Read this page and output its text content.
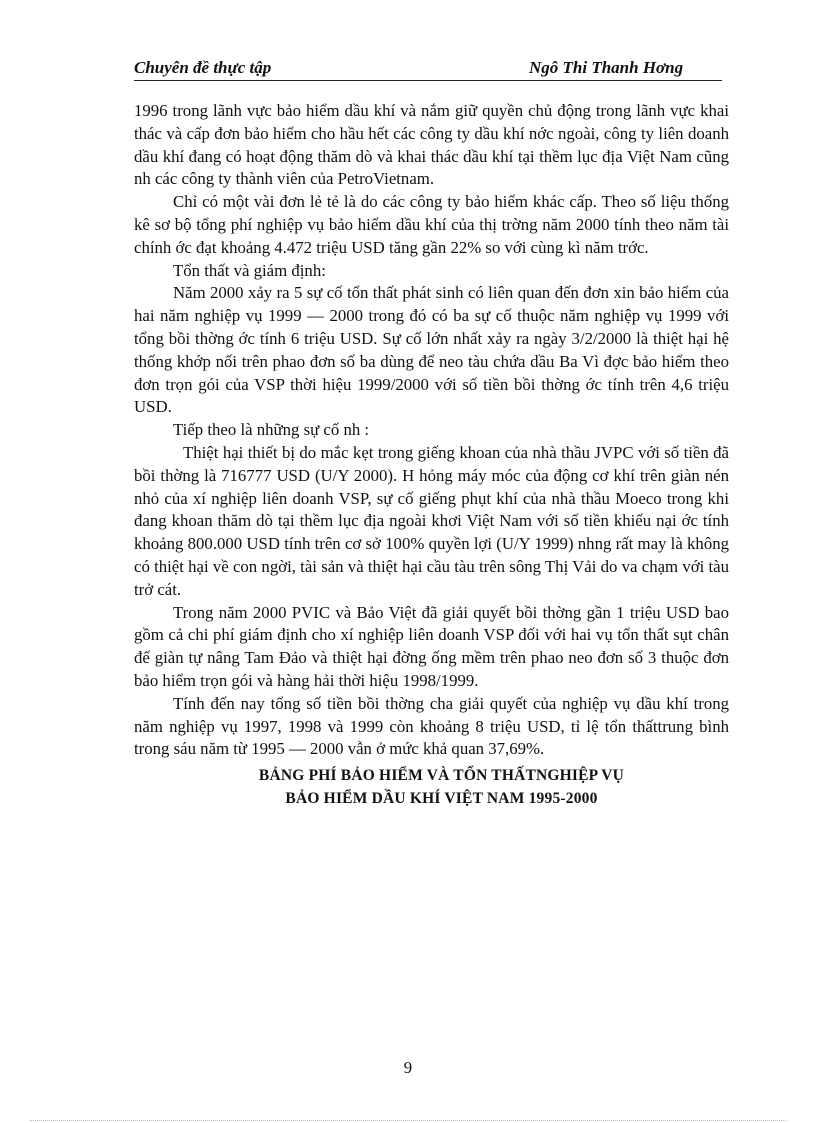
Chuyên đề thực tập	Ngô Thi Thanh Hơng

1996 trong lãnh vực bảo hiểm dầu khí và nắm giữ quyền chủ động trong lãnh vực khai thác và cấp đơn bảo hiểm cho hầu hết các công ty dầu khí nớc ngoài, công ty liên doanh dầu khí đang có hoạt động thăm dò và khai thác dầu khí tại thềm lục địa Việt Nam cũng nh các công ty thành viên của PetroVietnam.

Chỉ có một vài đơn lẻ tẻ là do các công ty bảo hiểm khác cấp. Theo số liệu thống kê sơ bộ tổng phí nghiệp vụ bảo hiểm dầu khí của thị trờng năm 2000 tính theo năm tài chính ớc đạt khoảng 4.472 triệu USD tăng gần 22% so với cùng kì năm trớc.

Tổn thất và giám định:

Năm 2000 xảy ra 5 sự cố tổn thất phát sinh có liên quan đến đơn xin bảo hiểm của hai năm nghiệp vụ 1999 — 2000 trong đó có ba sự cố thuộc năm nghiệp vụ 1999 với tổng bồi thờng ớc tính 6 triệu USD. Sự cố lớn nhất xảy ra ngày 3/2/2000 là thiệt hại hệ thống khớp nối trên phao đơn số ba dùng để neo tàu chứa dầu Ba Vì đợc bảo hiểm theo đơn trọn gói của VSP thời hiệu 1999/2000 với số tiền bồi thờng ớc tính trên 4,6 triệu USD.

Tiếp theo là những sự cố nh :

Thiệt hại thiết bị do mắc kẹt trong giếng khoan của nhà thầu JVPC với số tiền đã bồi thờng là 716777 USD (U/Y 2000). H hỏng máy móc của động cơ khí trên giàn nén nhỏ của xí nghiệp liên doanh VSP, sự cố giếng phụt khí của nhà thầu Moeco trong khi đang khoan thăm dò tại thềm lục địa ngoài khơi Việt Nam với số tiền khiếu nại ớc tính khoảng 800.000 USD tính trên cơ sở 100% quyền lợi (U/Y 1999) nhng rất may là không có thiệt hại về con ngời, tài sản và thiệt hại cầu tàu trên sông Thị Vải do va chạm với tàu trở cát.

Trong năm 2000 PVIC và Bảo Việt đã giải quyết bồi thờng gần 1 triệu USD bao gồm cả chi phí giám định cho xí nghiệp liên doanh VSP đối với hai vụ tổn thất sụt chân đế giàn tự nâng Tam Đảo và thiệt hại đờng ống mềm trên phao neo đơn số 3 thuộc đơn bảo hiểm trọn gói và hàng hải thời hiệu 1998/1999.

Tính đến nay tổng số tiền bồi thờng cha giải quyết của nghiệp vụ dầu khí trong năm nghiệp vụ 1997, 1998 và 1999 còn khoảng 8 triệu USD, tỉ lệ tổn thấttrung bình trong sáu năm từ 1995 — 2000 vẫn ở mức khả quan 37,69%.

BẢNG PHÍ BẢO HIỂM VÀ TỔN THẤTNGHIỆP VỤ

BẢO HIỂM DẦU KHÍ VIỆT NAM 1995-2000

9
